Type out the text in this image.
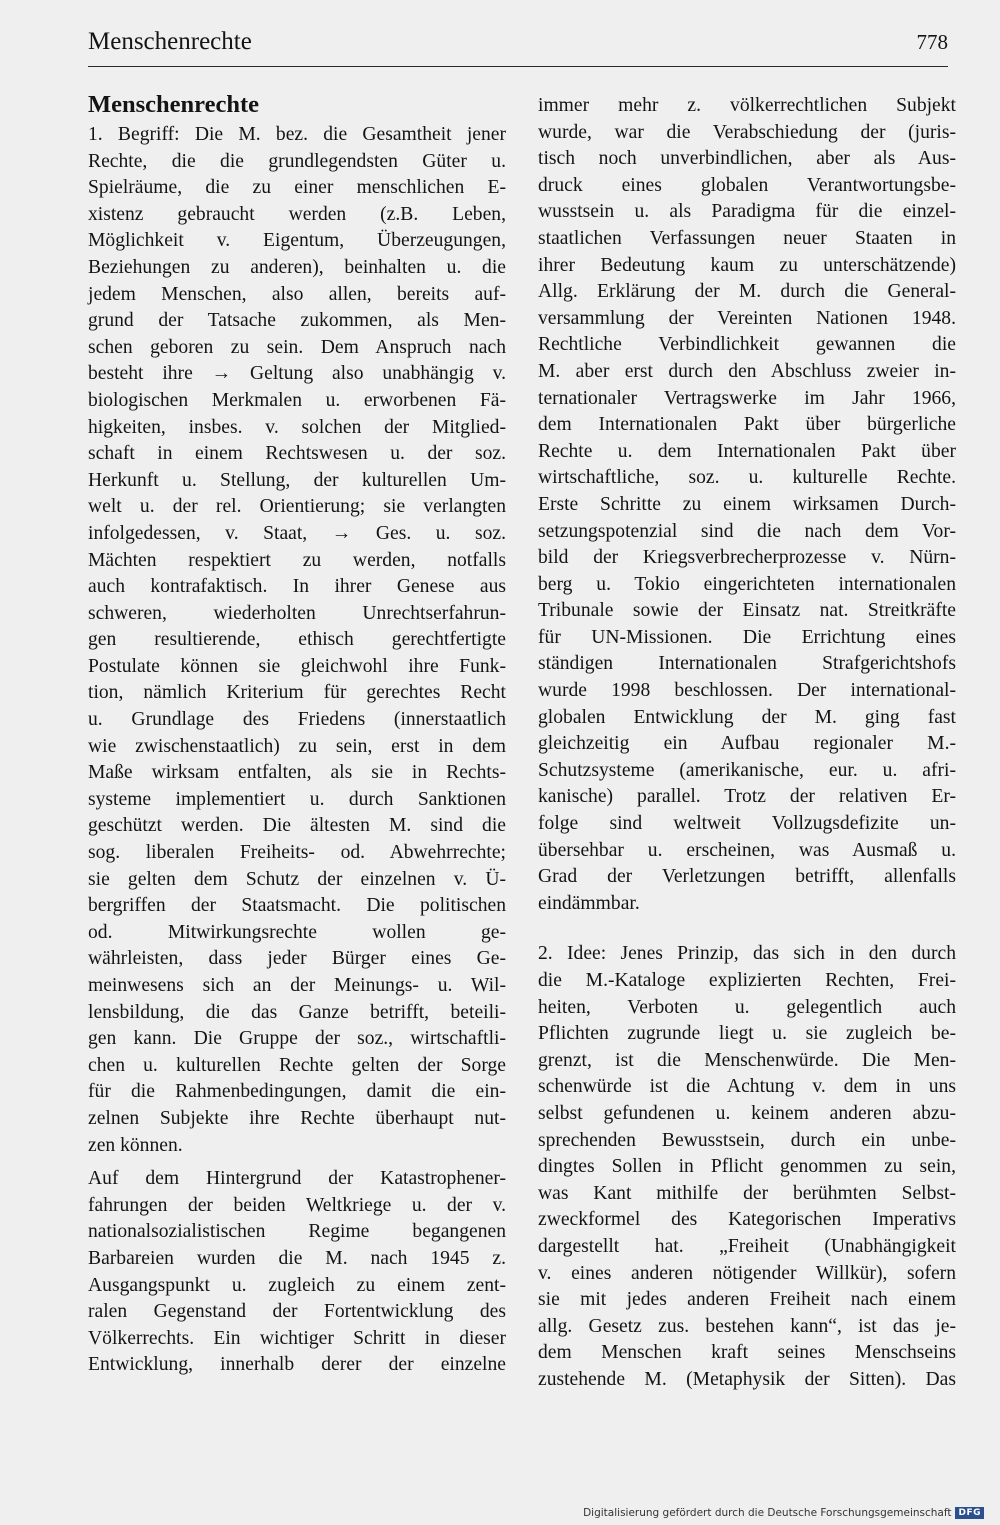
Menschenrechte	778
Menschenrechte
1. Begriff: Die M. bez. die Gesamtheit jener
Rechte, die die grundlegendsten Güter u.
Spielräume, die zu einer menschlichen E-
xistenz gebraucht werden (z.B. Leben,
Möglichkeit v. Eigentum, Überzeugungen,
Beziehungen zu anderen), beinhalten u. die
jedem Menschen, also allen, bereits auf-
grund der Tatsache zukommen, als Men-
schen geboren zu sein. Dem Anspruch nach
besteht ihre → Geltung also unabhängig v.
biologischen Merkmalen u. erworbenen Fä-
higkeiten, insbes. v. solchen der Mitglied-
schaft in einem Rechtswesen u. der soz.
Herkunft u. Stellung, der kulturellen Um-
welt u. der rel. Orientierung; sie verlangten
infolgedessen, v. Staat, → Ges. u. soz.
Mächten respektiert zu werden, notfalls
auch kontrafaktisch. In ihrer Genese aus
schweren, wiederholten Unrechtserfahrun-
gen resultierende, ethisch gerechtfertigte
Postulate können sie gleichwohl ihre Funk-
tion, nämlich Kriterium für gerechtes Recht
u. Grundlage des Friedens (innerstaatlich
wie zwischenstaatlich) zu sein, erst in dem
Maße wirksam entfalten, als sie in Rechts-
systeme implementiert u. durch Sanktionen
geschützt werden. Die ältesten M. sind die
sog. liberalen Freiheits- od. Abwehrrechte;
sie gelten dem Schutz der einzelnen v. Ü-
bergriffen der Staatsmacht. Die politischen
od. Mitwirkungsrechte wollen ge-
währleisten, dass jeder Bürger eines Ge-
meinwesens sich an der Meinungs- u. Wil-
lensbildung, die das Ganze betrifft, beteili-
gen kann. Die Gruppe der soz., wirtschaftli-
chen u. kulturellen Rechte gelten der Sorge
für die Rahmenbedingungen, damit die ein-
zelnen Subjekte ihre Rechte überhaupt nut-
zen können.
Auf dem Hintergrund der Katastrophener-
fahrungen der beiden Weltkriege u. der v.
nationalsozialistischen Regime begangenen
Barbareien wurden die M. nach 1945 z.
Ausgangspunkt u. zugleich zu einem zent-
ralen Gegenstand der Fortentwicklung des
Völkerrechts. Ein wichtiger Schritt in dieser
Entwicklung, innerhalb derer der einzelne
immer mehr z. völkerrechtlichen Subjekt
wurde, war die Verabschiedung der (juris-
tisch noch unverbindlichen, aber als Aus-
druck eines globalen Verantwortungsbe-
wusstsein u. als Paradigma für die einzel-
staatlichen Verfassungen neuer Staaten in
ihrer Bedeutung kaum zu unterschätzende)
Allg. Erklärung der M. durch die General-
versammlung der Vereinten Nationen 1948.
Rechtliche Verbindlichkeit gewannen die
M. aber erst durch den Abschluss zweier in-
ternationaler Vertragswerke im Jahr 1966,
dem Internationalen Pakt über bürgerliche
Rechte u. dem Internationalen Pakt über
wirtschaftliche, soz. u. kulturelle Rechte.
Erste Schritte zu einem wirksamen Durch-
setzungspotenzial sind die nach dem Vor-
bild der Kriegsverbrecherprozesse v. Nürn-
berg u. Tokio eingerichteten internationalen
Tribunale sowie der Einsatz nat. Streitkräfte
für UN-Missionen. Die Errichtung eines
ständigen Internationalen Strafgerichtshofs
wurde 1998 beschlossen. Der international-
globalen Entwicklung der M. ging fast
gleichzeitig ein Aufbau regionaler M.-
Schutzsysteme (amerikanische, eur. u. afri-
kanische) parallel. Trotz der relativen Er-
folge sind weltweit Vollzugsdefizite un-
übersehbar u. erscheinen, was Ausmaß u.
Grad der Verletzungen betrifft, allenfalls
eindämmbar.
2. Idee: Jenes Prinzip, das sich in den durch
die M.-Kataloge explizierten Rechten, Frei-
heiten, Verboten u. gelegentlich auch
Pflichten zugrunde liegt u. sie zugleich be-
grenzt, ist die Menschenwürde. Die Men-
schenwürde ist die Achtung v. dem in uns
selbst gefundenen u. keinem anderen abzu-
sprechenden Bewusstsein, durch ein unbe-
dingtes Sollen in Pflicht genommen zu sein,
was Kant mithilfe der berühmten Selbst-
zweckformel des Kategorischen Imperativs
dargestellt hat. „Freiheit (Unabhängigkeit
v. eines anderen nötigender Willkür), sofern
sie mit jedes anderen Freiheit nach einem
allg. Gesetz zus. bestehen kann“, ist das je-
dem Menschen kraft seines Menschseins
zustehende M. (Metaphysik der Sitten). Das
Digitalisierung gefördert durch die Deutsche Forschungsgemeinschaft DFG
